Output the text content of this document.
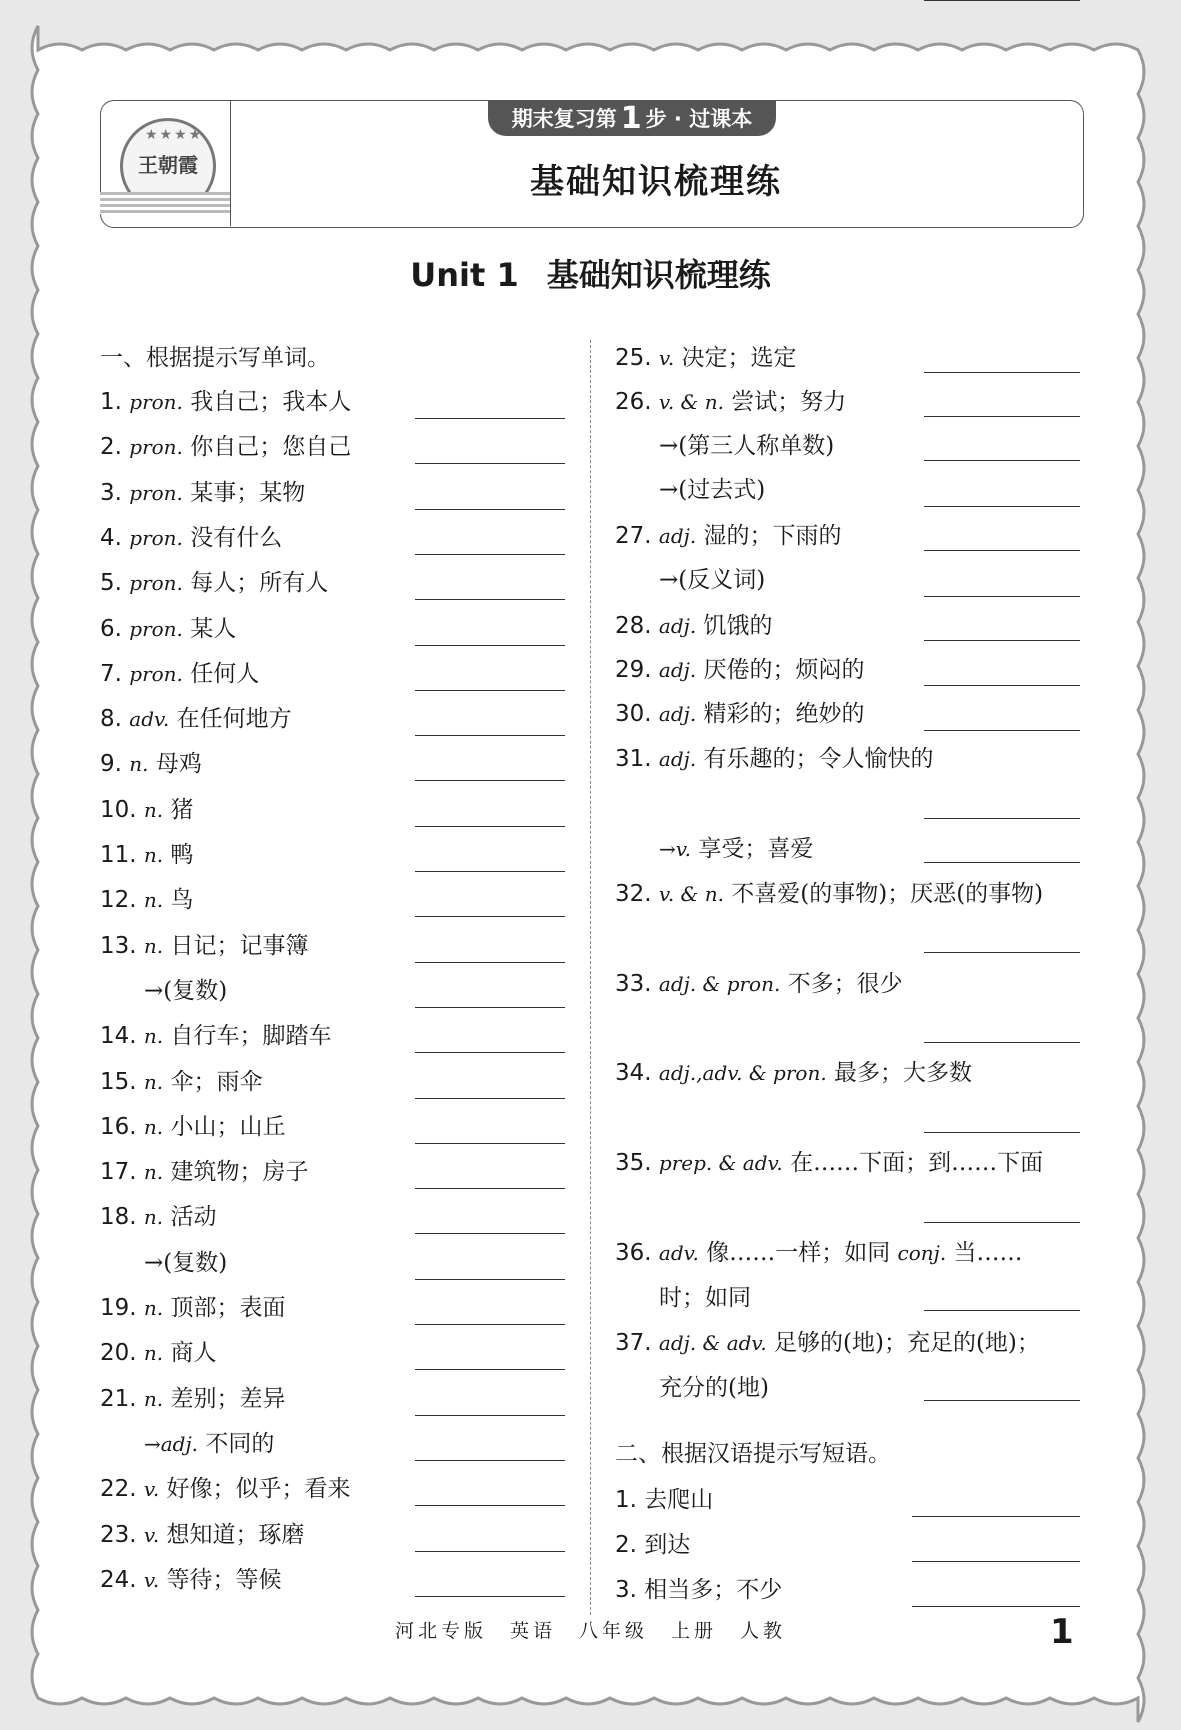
★★★★
王朝霞
期末复习第 1 步 · 过课本
基础知识梳理练
Unit 1 基础知识梳理练
一、根据提示写单词。
1. pron. 我自己；我本人
2. pron. 你自己；您自己
3. pron. 某事；某物
4. pron. 没有什么
5. pron. 每人；所有人
6. pron. 某人
7. pron. 任何人
8. adv. 在任何地方
9. n. 母鸡
10. n. 猪
11. n. 鸭
12. n. 鸟
13. n. 日记；记事簿
→(复数)
14. n. 自行车；脚踏车
15. n. 伞；雨伞
16. n. 小山；山丘
17. n. 建筑物；房子
18. n. 活动
→(复数)
19. n. 顶部；表面
20. n. 商人
21. n. 差别；差异
→adj. 不同的
22. v. 好像；似乎；看来
23. v. 想知道；琢磨
24. v. 等待；等候
25. v. 决定；选定
26. v. & n. 尝试；努力
→(第三人称单数)
→(过去式)
27. adj. 湿的；下雨的
→(反义词)
28. adj. 饥饿的
29. adj. 厌倦的；烦闷的
30. adj. 精彩的；绝妙的
31. adj. 有乐趣的；令人愉快的
→v. 享受；喜爱
32. v. & n. 不喜爱(的事物)；厌恶(的事物)
33. adj. & pron. 不多；很少
34. adj.,adv. & pron. 最多；大多数
35. prep. & adv. 在……下面；到……下面
36. adv. 像……一样；如同 conj. 当……
时；如同
37. adj. & adv. 足够的(地)；充足的(地)；
充分的(地)
二、根据汉语提示写短语。
1. 去爬山
2. 到达
3. 相当多；不少
河北专版　英语　八年级　上册　人教	1
